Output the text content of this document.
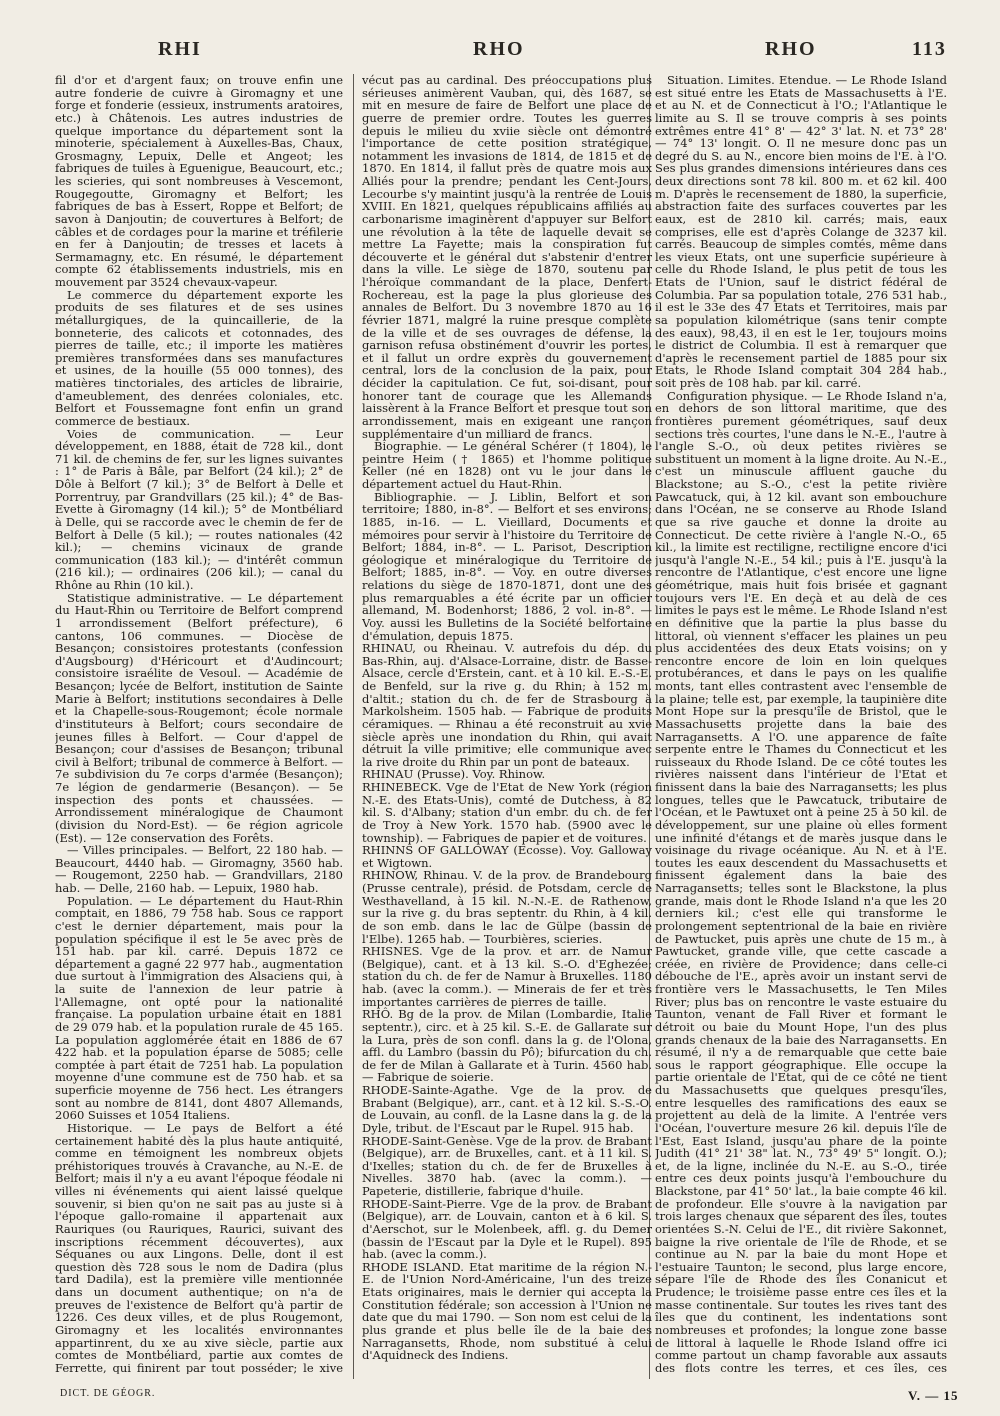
RHI	RHO	RHO	113

fil d'or et d'argent faux; on trouve enfin une autre fonderie de cuivre à Giromagny et une forge et fonderie (essieux, instruments aratoires, etc.) à Châtenois. Les autres industries de quelque importance du département sont la minoterie, spécialement à Auxelles-Bas, Chaux, Grosmagny, Lepuix, Delle et Angeot; les fabriques de tuiles à Eguenigue, Beaucourt, etc.; les scieries, qui sont nombreuses à Vescemont, Rougegoutte, Giromagny et Belfort; les fabriques de bas à Essert, Roppe et Belfort; de savon à Danjoutin; de couvertures à Belfort; de câbles et de cordages pour la marine et tréfilerie en fer à Danjoutin; de tresses et lacets à Sermamagny, etc. En résumé, le département compte 62 établissements industriels, mis en mouvement par 3524 chevaux-vapeur.

Le commerce du département exporte les produits de ses filatures et de ses usines métallurgiques, de la quincaillerie, de la bonneterie, des calicots et cotonnades, des pierres de taille, etc.; il importe les matières premières transformées dans ses manufactures et usines, de la houille (55 000 tonnes), des matières tinctoriales, des articles de librairie, d'ameublement, des denrées coloniales, etc. Belfort et Foussemagne font enfin un grand commerce de bestiaux.

Voies de communication. — Leur développement, en 1888, était de 728 kil., dont 71 kil. de chemins de fer, sur les lignes suivantes : 1° de Paris à Bâle, par Belfort (24 kil.); 2° de Dôle à Belfort (7 kil.); 3° de Belfort à Delle et Porrentruy, par Grandvillars (25 kil.); 4° de Bas-Evette à Giromagny (14 kil.); 5° de Montbéliard à Delle, qui se raccorde avec le chemin de fer de Belfort à Delle (5 kil.); — routes nationales (42 kil.); — chemins vicinaux de grande communication (183 kil.); — d'intérêt commun (216 kil.); — ordinaires (206 kil.); — canal du Rhône au Rhin (10 kil.).

Statistique administrative. — Le département du Haut-Rhin ou Territoire de Belfort comprend 1 arrondissement (Belfort préfecture), 6 cantons, 106 communes. — Diocèse de Besançon; consistoires protestants (confession d'Augsbourg) d'Héricourt et d'Audincourt; consistoire israélite de Vesoul. — Académie de Besançon; lycée de Belfort, institution de Sainte Marie à Belfort; institutions secondaires à Delle et la Chapelle-sous-Rougemont; école normale d'instituteurs à Belfort; cours secondaire de jeunes filles à Belfort. — Cour d'appel de Besançon; cour d'assises de Besançon; tribunal civil à Belfort; tribunal de commerce à Belfort. — 7e subdivision du 7e corps d'armée (Besançon); 7e légion de gendarmerie (Besançon). — 5e inspection des ponts et chaussées. — Arrondissement minéralogique de Chaumont (division du Nord-Est). — 6e région agricole (Est). — 12e conservation des Forêts.

— Villes principales. — Belfort, 22 180 hab. — Beaucourt, 4440 hab. — Giromagny, 3560 hab. — Rougemont, 2250 hab. — Grandvillars, 2180 hab. — Delle, 2160 hab. — Lepuix, 1980 hab.

Population. — Le département du Haut-Rhin comptait, en 1886, 79 758 hab. Sous ce rapport c'est le dernier département, mais pour la population spécifique il est le 5e avec près de 151 hab. par kil. carré. Depuis 1872 ce département a gagné 22 977 hab., augmentation due surtout à l'immigration des Alsaciens qui, à la suite de l'annexion de leur patrie à l'Allemagne, ont opté pour la nationalité française. La population urbaine était en 1881 de 29 079 hab. et la population rurale de 45 165. La population agglomérée était en 1886 de 67 422 hab. et la population éparse de 5085; celle comptée à part était de 7251 hab. La population moyenne d'une commune est de 750 hab. et sa superficie moyenne de 756 hect. Les étrangers sont au nombre de 8141, dont 4807 Allemands, 2060 Suisses et 1054 Italiens.

Historique. — Le pays de Belfort a été certainement habité dès la plus haute antiquité, comme en témoignent les nombreux objets préhistoriques trouvés à Cravanche, au N.-E. de Belfort; mais il n'y a eu avant l'époque féodale ni villes ni événements qui aient laissé quelque souvenir, si bien qu'on ne sait pas au juste si à l'époque gallo-romaine il appartenait aux Rauriques (ou Rauriques, Raurici, suivant des inscriptions récemment découvertes), aux Séquanes ou aux Lingons. Delle, dont il est question dès 728 sous le nom de Dadira (plus tard Dadila), est la première ville mentionnée dans un document authentique; on n'a de preuves de l'existence de Belfort qu'à partir de 1226. Ces deux villes, et de plus Rougemont, Giromagny et les localités environnantes appartinrent, du xe au xive siècle, partie aux comtes de Montbéliard, partie aux comtes de Ferrette, qui finirent par tout posséder; le xive

vécut pas au cardinal. Des préoccupations plus sérieuses animèrent Vauban, qui, dès 1687, se mit en mesure de faire de Belfort une place de guerre de premier ordre. Toutes les guerres depuis le milieu du xviie siècle ont démontré l'importance de cette position stratégique, notamment les invasions de 1814, de 1815 et de 1870. En 1814, il fallut près de quatre mois aux Alliés pour la prendre; pendant les Cent-Jours, Lecourbe s'y maintint jusqu'à la rentrée de Louis XVIII. En 1821, quelques républicains affiliés au carbonarisme imaginèrent d'appuyer sur Belfort une révolution à la tête de laquelle devait se mettre La Fayette; mais la conspiration fut découverte et le général dut s'abstenir d'entrer dans la ville. Le siège de 1870, soutenu par l'héroïque commandant de la place, Denfert-Rochereau, est la page la plus glorieuse des annales de Belfort. Du 3 novembre 1870 au 16 février 1871, malgré la ruine presque complète de la ville et de ses ouvrages de défense, la garnison refusa obstinément d'ouvrir les portes, et il fallut un ordre exprès du gouvernement central, lors de la conclusion de la paix, pour décider la capitulation. Ce fut, soi-disant, pour honorer tant de courage que les Allemands laissèrent à la France Belfort et presque tout son arrondissement, mais en exigeant une rançon supplémentaire d'un milliard de francs.

Biographie. — Le général Schérer († 1804), le peintre Heim († 1865) et l'homme politique Keller (né en 1828) ont vu le jour dans le département actuel du Haut-Rhin.

Bibliographie. — J. Liblin, Belfort et son territoire; 1880, in-8°. — Belfort et ses environs; 1885, in-16. — L. Vieillard, Documents et mémoires pour servir à l'histoire du Territoire de Belfort; 1884, in-8°. — L. Parisot, Description géologique et minéralogique du Territoire de Belfort; 1885, in-8°. — Voy. en outre diverses relations du siège de 1870-1871, dont une des plus remarquables a été écrite par un officier allemand, M. Bodenhorst; 1886, 2 vol. in-8°. — Voy. aussi les Bulletins de la Société belfortaine d'émulation, depuis 1875.

RHINAU, ou Rheinau. V. autrefois du dép. du Bas-Rhin, auj. d'Alsace-Lorraine, distr. de Basse-Alsace, cercle d'Erstein, cant. et à 10 kil. E.-S.-E. de Benfeld, sur la rive g. du Rhin; à 152 m. d'altit.; station du ch. de fer de Strasbourg à Markolsheim. 1505 hab. — Fabrique de produits céramiques. — Rhinau a été reconstruit au xvie siècle après une inondation du Rhin, qui avait détruit la ville primitive; elle communique avec la rive droite du Rhin par un pont de bateaux.

RHINAU (Prusse). Voy. Rhinow.

RHINEBECK. Vge de l'Etat de New York (région N.-E. des Etats-Unis), comté de Dutchess, à 82 kil. S. d'Albany; station d'un embr. du ch. de fer de Troy à New York. 1570 hab. (5900 avec le township). — Fabriques de papier et de voitures.

RHINNS OF GALLOWAY (Ecosse). Voy. Galloway et Wigtown.

RHINOW, Rhinau. V. de la prov. de Brandebourg (Prusse centrale), présid. de Potsdam, cercle de Westhavelland, à 15 kil. N.-N.-E. de Rathenow, sur la rive g. du bras septentr. du Rhin, à 4 kil. de son emb. dans le lac de Gülpe (bassin de l'Elbe). 1265 hab. — Tourbières, scieries.

RHISNES. Vge de la prov. et arr. de Namur (Belgique), cant. et à 13 kil. S.-O. d'Eghezée; station du ch. de fer de Namur à Bruxelles. 1180 hab. (avec la comm.). — Minerais de fer et très importantes carrières de pierres de taille.

RHÔ. Bg de la prov. de Milan (Lombardie, Italie septentr.), circ. et à 25 kil. S.-E. de Gallarate sur la Lura, près de son confl. dans la g. de l'Olona, affl. du Lambro (bassin du Pô); bifurcation du ch. de fer de Milan à Gallarate et à Turin. 4560 hab. — Fabrique de soierie.

RHODE-Sainte-Agathe. Vge de la prov. de Brabant (Belgique), arr., cant. et à 12 kil. S.-S.-O. de Louvain, au confl. de la Lasne dans la g. de la Dyle, tribut. de l'Escaut par le Rupel. 915 hab.

RHODE-Saint-Genèse. Vge de la prov. de Brabant (Belgique), arr. de Bruxelles, cant. et à 11 kil. S. d'Ixelles; station du ch. de fer de Bruxelles à Nivelles. 3870 hab. (avec la comm.). — Papeterie, distillerie, fabrique d'huile.

RHODE-Saint-Pierre. Vge de la prov. de Brabant (Belgique), arr. de Louvain, canton et à 6 kil. S. d'Aerschot, sur le Molenbeek, affl. g. du Demer (bassin de l'Escaut par la Dyle et le Rupel). 895 hab. (avec la comm.).

RHODE ISLAND. Etat maritime de la région N.-E. de l'Union Nord-Américaine, l'un des treize Etats originaires, mais le dernier qui accepta la Constitution fédérale; son accession à l'Union ne date que du mai 1790. — Son nom est celui de la plus grande et plus belle île de la baie des Narragansetts, Rhode, nom substitué à celui d'Aquidneck des Indiens.

Situation. Limites. Etendue. — Le Rhode Island est situé entre les Etats de Massachusetts à l'E. et au N. et de Connecticut à l'O.; l'Atlantique le limite au S. Il se trouve compris à ses points extrêmes entre 41° 8' — 42° 3' lat. N. et 73° 28' — 74° 13' longit. O. Il ne mesure donc pas un degré du S. au N., encore bien moins de l'E. à l'O. Ses plus grandes dimensions intérieures dans ces deux directions sont 78 kil. 800 m. et 62 kil. 400 m. D'après le recensement de 1880, la superficie, abstraction faite des surfaces couvertes par les eaux, est de 2810 kil. carrés; mais, eaux comprises, elle est d'après Colange de 3237 kil. carrés. Beaucoup de simples comtés, même dans les vieux Etats, ont une superficie supérieure à celle du Rhode Island, le plus petit de tous les Etats de l'Union, sauf le district fédéral de Columbia. Par sa population totale, 276 531 hab., il est le 33e des 47 Etats et Territoires, mais par sa population kilométrique (sans tenir compte des eaux), 98,43, il en est le 1er, toujours moins le district de Columbia. Il est à remarquer que d'après le recensement partiel de 1885 pour six Etats, le Rhode Island comptait 304 284 hab., soit près de 108 hab. par kil. carré.

Configuration physique. — Le Rhode Island n'a, en dehors de son littoral maritime, que des frontières purement géométriques, sauf deux sections très courtes, l'une dans le N.-E., l'autre à l'angle S.-O., où deux petites rivières se substituent un moment à la ligne droite. Au N.-E., c'est un minuscule affluent gauche du Blackstone; au S.-O., c'est la petite rivière Pawcatuck, qui, à 12 kil. avant son embouchure dans l'Océan, ne se conserve au Rhode Island que sa rive gauche et donne la droite au Connecticut. De cette rivière à l'angle N.-O., 65 kil., la limite est rectiligne, rectiligne encore d'ici jusqu'à l'angle N.-E., 54 kil.; puis à l'E. jusqu'à la rencontre de l'Atlantique, c'est encore une ligne géométrique, mais huit fois brisée et gagnant toujours vers l'E. En deçà et au delà de ces limites le pays est le même. Le Rhode Island n'est en définitive que la partie la plus basse du littoral, où viennent s'effacer les plaines un peu plus accidentées des deux Etats voisins; on y rencontre encore de loin en loin quelques protubérances, et dans le pays on les qualifie monts, tant elles contrastent avec l'ensemble de la plaine; telle est, par exemple, la taupinière dite Mont Hope sur la presqu'île de Bristol, que le Massachusetts projette dans la baie des Narragansetts. A l'O. une apparence de faîte serpente entre le Thames du Connecticut et les ruisseaux du Rhode Island. De ce côté toutes les rivières naissent dans l'intérieur de l'Etat et finissent dans la baie des Narragansetts; les plus longues, telles que le Pawcatuck, tributaire de l'Océan, et le Pawtuxet ont à peine 25 à 50 kil. de développement, sur une plaine où elles forment une infinité d'étangs et de marès jusque dans le voisinage du rivage océanique. Au N. et à l'E. toutes les eaux descendent du Massachusetts et finissent également dans la baie des Narragansetts; telles sont le Blackstone, la plus grande, mais dont le Rhode Island n'a que les 20 derniers kil.; c'est elle qui transforme le prolongement septentrional de la baie en rivière de Pawtucket, puis après une chute de 15 m., à Pawtucket, grande ville, que cette cascade a créée, en rivière de Providence; dans celle-ci débouche de l'E., après avoir un instant servi de frontière vers le Massachusetts, le Ten Miles River; plus bas on rencontre le vaste estuaire du Taunton, venant de Fall River et formant le détroit ou baie du Mount Hope, l'un des plus grands chenaux de la baie des Narragansetts. En résumé, il n'y a de remarquable que cette baie sous le rapport géographique. Elle occupe la partie orientale de l'Etat, qui de ce côté ne tient du Massachusetts que quelques presqu'îles, entre lesquelles des ramifications des eaux se projettent au delà de la limite. A l'entrée vers l'Océan, l'ouverture mesure 26 kil. depuis l'île de l'Est, East Island, jusqu'au phare de la pointe Judith (41° 21' 38" lat. N., 73° 49' 5" longit. O.); et, de la ligne, inclinée du N.-E. au S.-O., tirée entre ces deux points jusqu'à l'embouchure du Blackstone, par 41° 50' lat., la baie compte 46 kil. de profondeur. Elle s'ouvre à la navigation par trois larges chenaux que séparent des îles, toutes orientées S.-N. Celui de l'E., dit rivière Sakonnet, baigne la rive orientale de l'île de Rhode, et se continue au N. par la baie du mont Hope et l'estuaire Taunton; le second, plus large encore, sépare l'île de Rhode des îles Conanicut et Prudence; le troisième passe entre ces îles et la masse continentale. Sur toutes les rives tant des îles que du continent, les indentations sont nombreuses et profondes; la longue zone basse de littoral à laquelle le Rhode Island offre ici comme partout un champ favorable aux assauts des flots contre les terres, et ces îles, ces

DICT. DE GÉOGR.	V. — 15
